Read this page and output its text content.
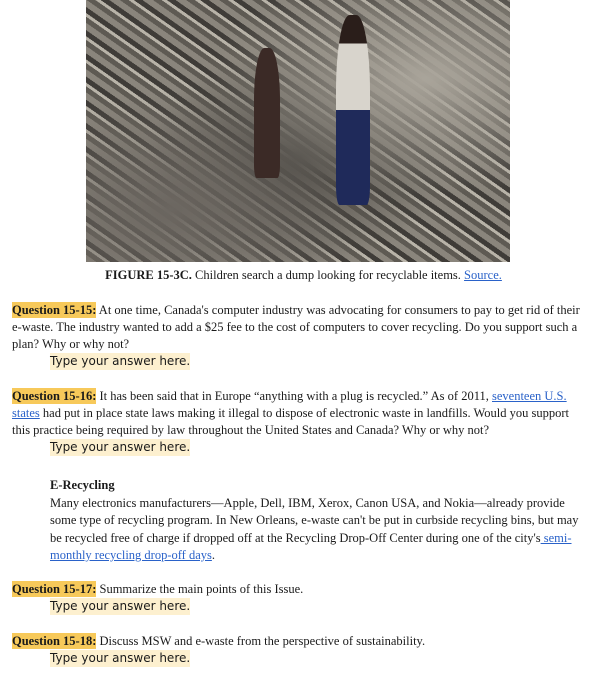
FIGURE 15-3C. Children search a dump looking for recyclable items. Source.
Question 15-15: At one time, Canada's computer industry was advocating for consumers to pay to get rid of their e-waste. The industry wanted to add a $25 fee to the cost of computers to cover recycling. Do you support such a plan? Why or why not?
Type your answer here.
Question 15-16: It has been said that in Europe “anything with a plug is recycled.” As of 2011, seventeen U.S. states had put in place state laws making it illegal to dispose of electronic waste in landfills. Would you support this practice being required by law throughout the United States and Canada? Why or why not?
Type your answer here.
E-Recycling
Many electronics manufacturers—Apple, Dell, IBM, Xerox, Canon USA, and Nokia—already provide some type of recycling program. In New Orleans, e-waste can't be put in curbside recycling bins, but may be recycled free of charge if dropped off at the Recycling Drop-Off Center during one of the city's semi-monthly recycling drop-off days.
Question 15-17: Summarize the main points of this Issue.
Type your answer here.
Question 15-18: Discuss MSW and e-waste from the perspective of sustainability.
Type your answer here.
